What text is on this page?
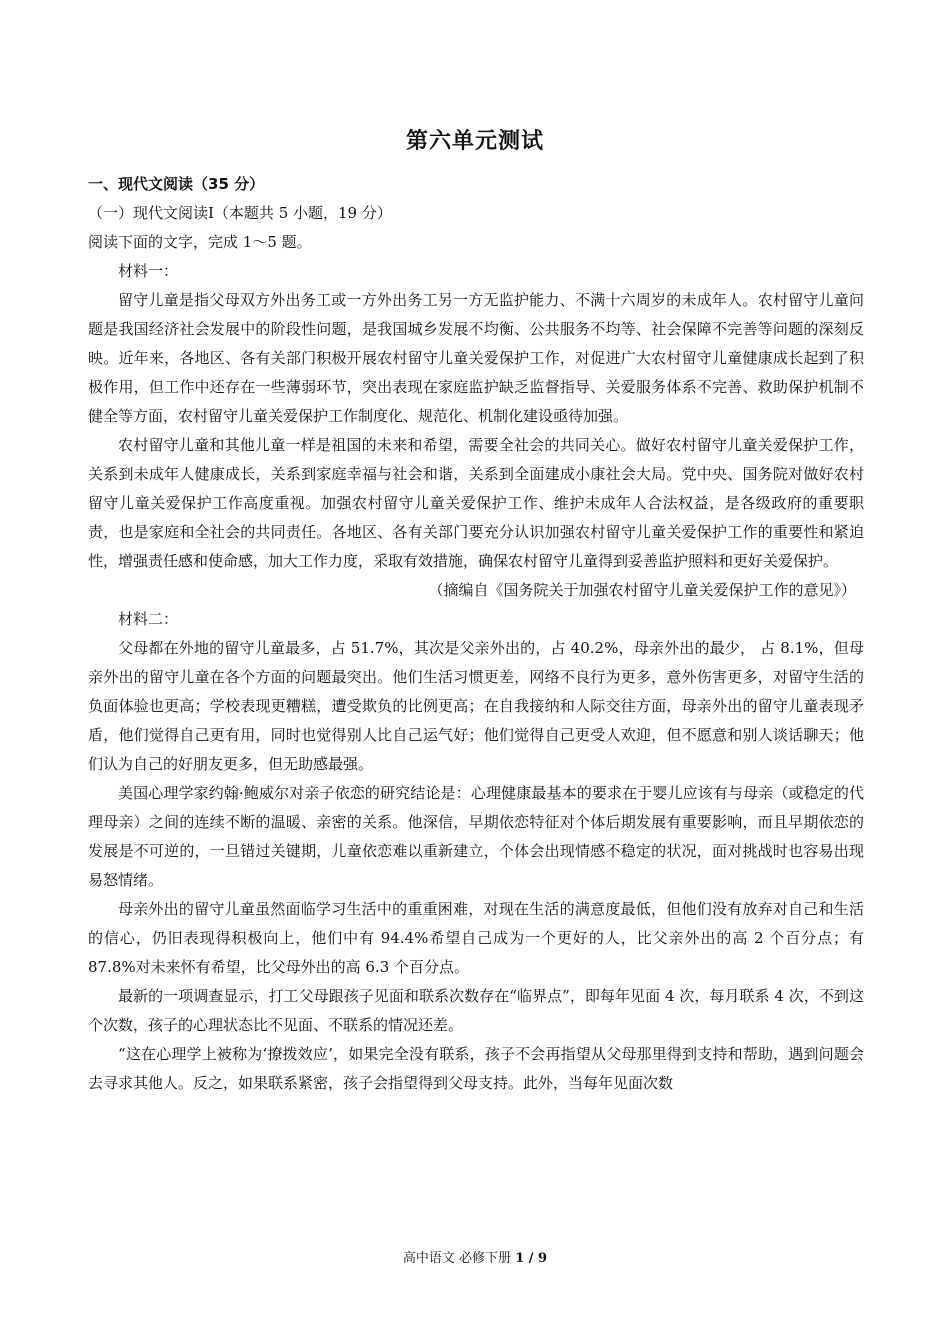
第六单元测试

一、现代文阅读（35 分）

（一）现代文阅读Ⅰ（本题共 5 小题，19 分）

阅读下面的文字，完成 1～5 题。

材料一：

留守儿童是指父母双方外出务工或一方外出务工另一方无监护能力、不满十六周岁的未成年人。农村留守儿童问题是我国经济社会发展中的阶段性问题，是我国城乡发展不均衡、公共服务不均等、社会保障不完善等问题的深刻反映。近年来，各地区、各有关部门积极开展农村留守儿童关爱保护工作，对促进广大农村留守儿童健康成长起到了积极作用，但工作中还存在一些薄弱环节，突出表现在家庭监护缺乏监督指导、关爱服务体系不完善、救助保护机制不健全等方面，农村留守儿童关爱保护工作制度化、规范化、机制化建设亟待加强。

农村留守儿童和其他儿童一样是祖国的未来和希望，需要全社会的共同关心。做好农村留守儿童关爱保护工作，关系到未成年人健康成长，关系到家庭幸福与社会和谐，关系到全面建成小康社会大局。党中央、国务院对做好农村留守儿童关爱保护工作高度重视。加强农村留守儿童关爱保护工作、维护未成年人合法权益，是各级政府的重要职责，也是家庭和全社会的共同责任。各地区、各有关部门要充分认识加强农村留守儿童关爱保护工作的重要性和紧迫性，增强责任感和使命感，加大工作力度，采取有效措施，确保农村留守儿童得到妥善监护照料和更好关爱保护。

（摘编自《国务院关于加强农村留守儿童关爱保护工作的意见》）

材料二：

父母都在外地的留守儿童最多，占 51.7%，其次是父亲外出的，占 40.2%，母亲外出的最少， 占 8.1%，但母亲外出的留守儿童在各个方面的问题最突出。他们生活习惯更差，网络不良行为更多，意外伤害更多，对留守生活的负面体验也更高；学校表现更糟糕，遭受欺负的比例更高；在自我接纳和人际交往方面，母亲外出的留守儿童表现矛盾，他们觉得自己更有用，同时也觉得别人比自己运气好；他们觉得自己更受人欢迎，但不愿意和别人谈话聊天；他们认为自己的好朋友更多，但无助感最强。

美国心理学家约翰·鲍威尔对亲子依恋的研究结论是：心理健康最基本的要求在于婴儿应该有与母亲（或稳定的代理母亲）之间的连续不断的温暖、亲密的关系。他深信，早期依恋特征对个体后期发展有重要影响，而且早期依恋的发展是不可逆的，一旦错过关键期，儿童依恋难以重新建立，个体会出现情感不稳定的状况，面对挑战时也容易出现易怒情绪。

母亲外出的留守儿童虽然面临学习生活中的重重困难，对现在生活的满意度最低，但他们没有放弃对自己和生活的信心，仍旧表现得积极向上，他们中有 94.4%希望自己成为一个更好的人，比父亲外出的高 2 个百分点；有 87.8%对未来怀有希望，比父母外出的高 6.3 个百分点。

最新的一项调查显示，打工父母跟孩子见面和联系次数存在“临界点”，即每年见面 4 次，每月联系 4 次，不到这个次数，孩子的心理状态比不见面、不联系的情况还差。

“这在心理学上被称为‘撩拨效应’，如果完全没有联系，孩子不会再指望从父母那里得到支持和帮助，遇到问题会去寻求其他人。反之，如果联系紧密，孩子会指望得到父母支持。此外，当每年见面次数

高中语文 必修下册 1 / 9
